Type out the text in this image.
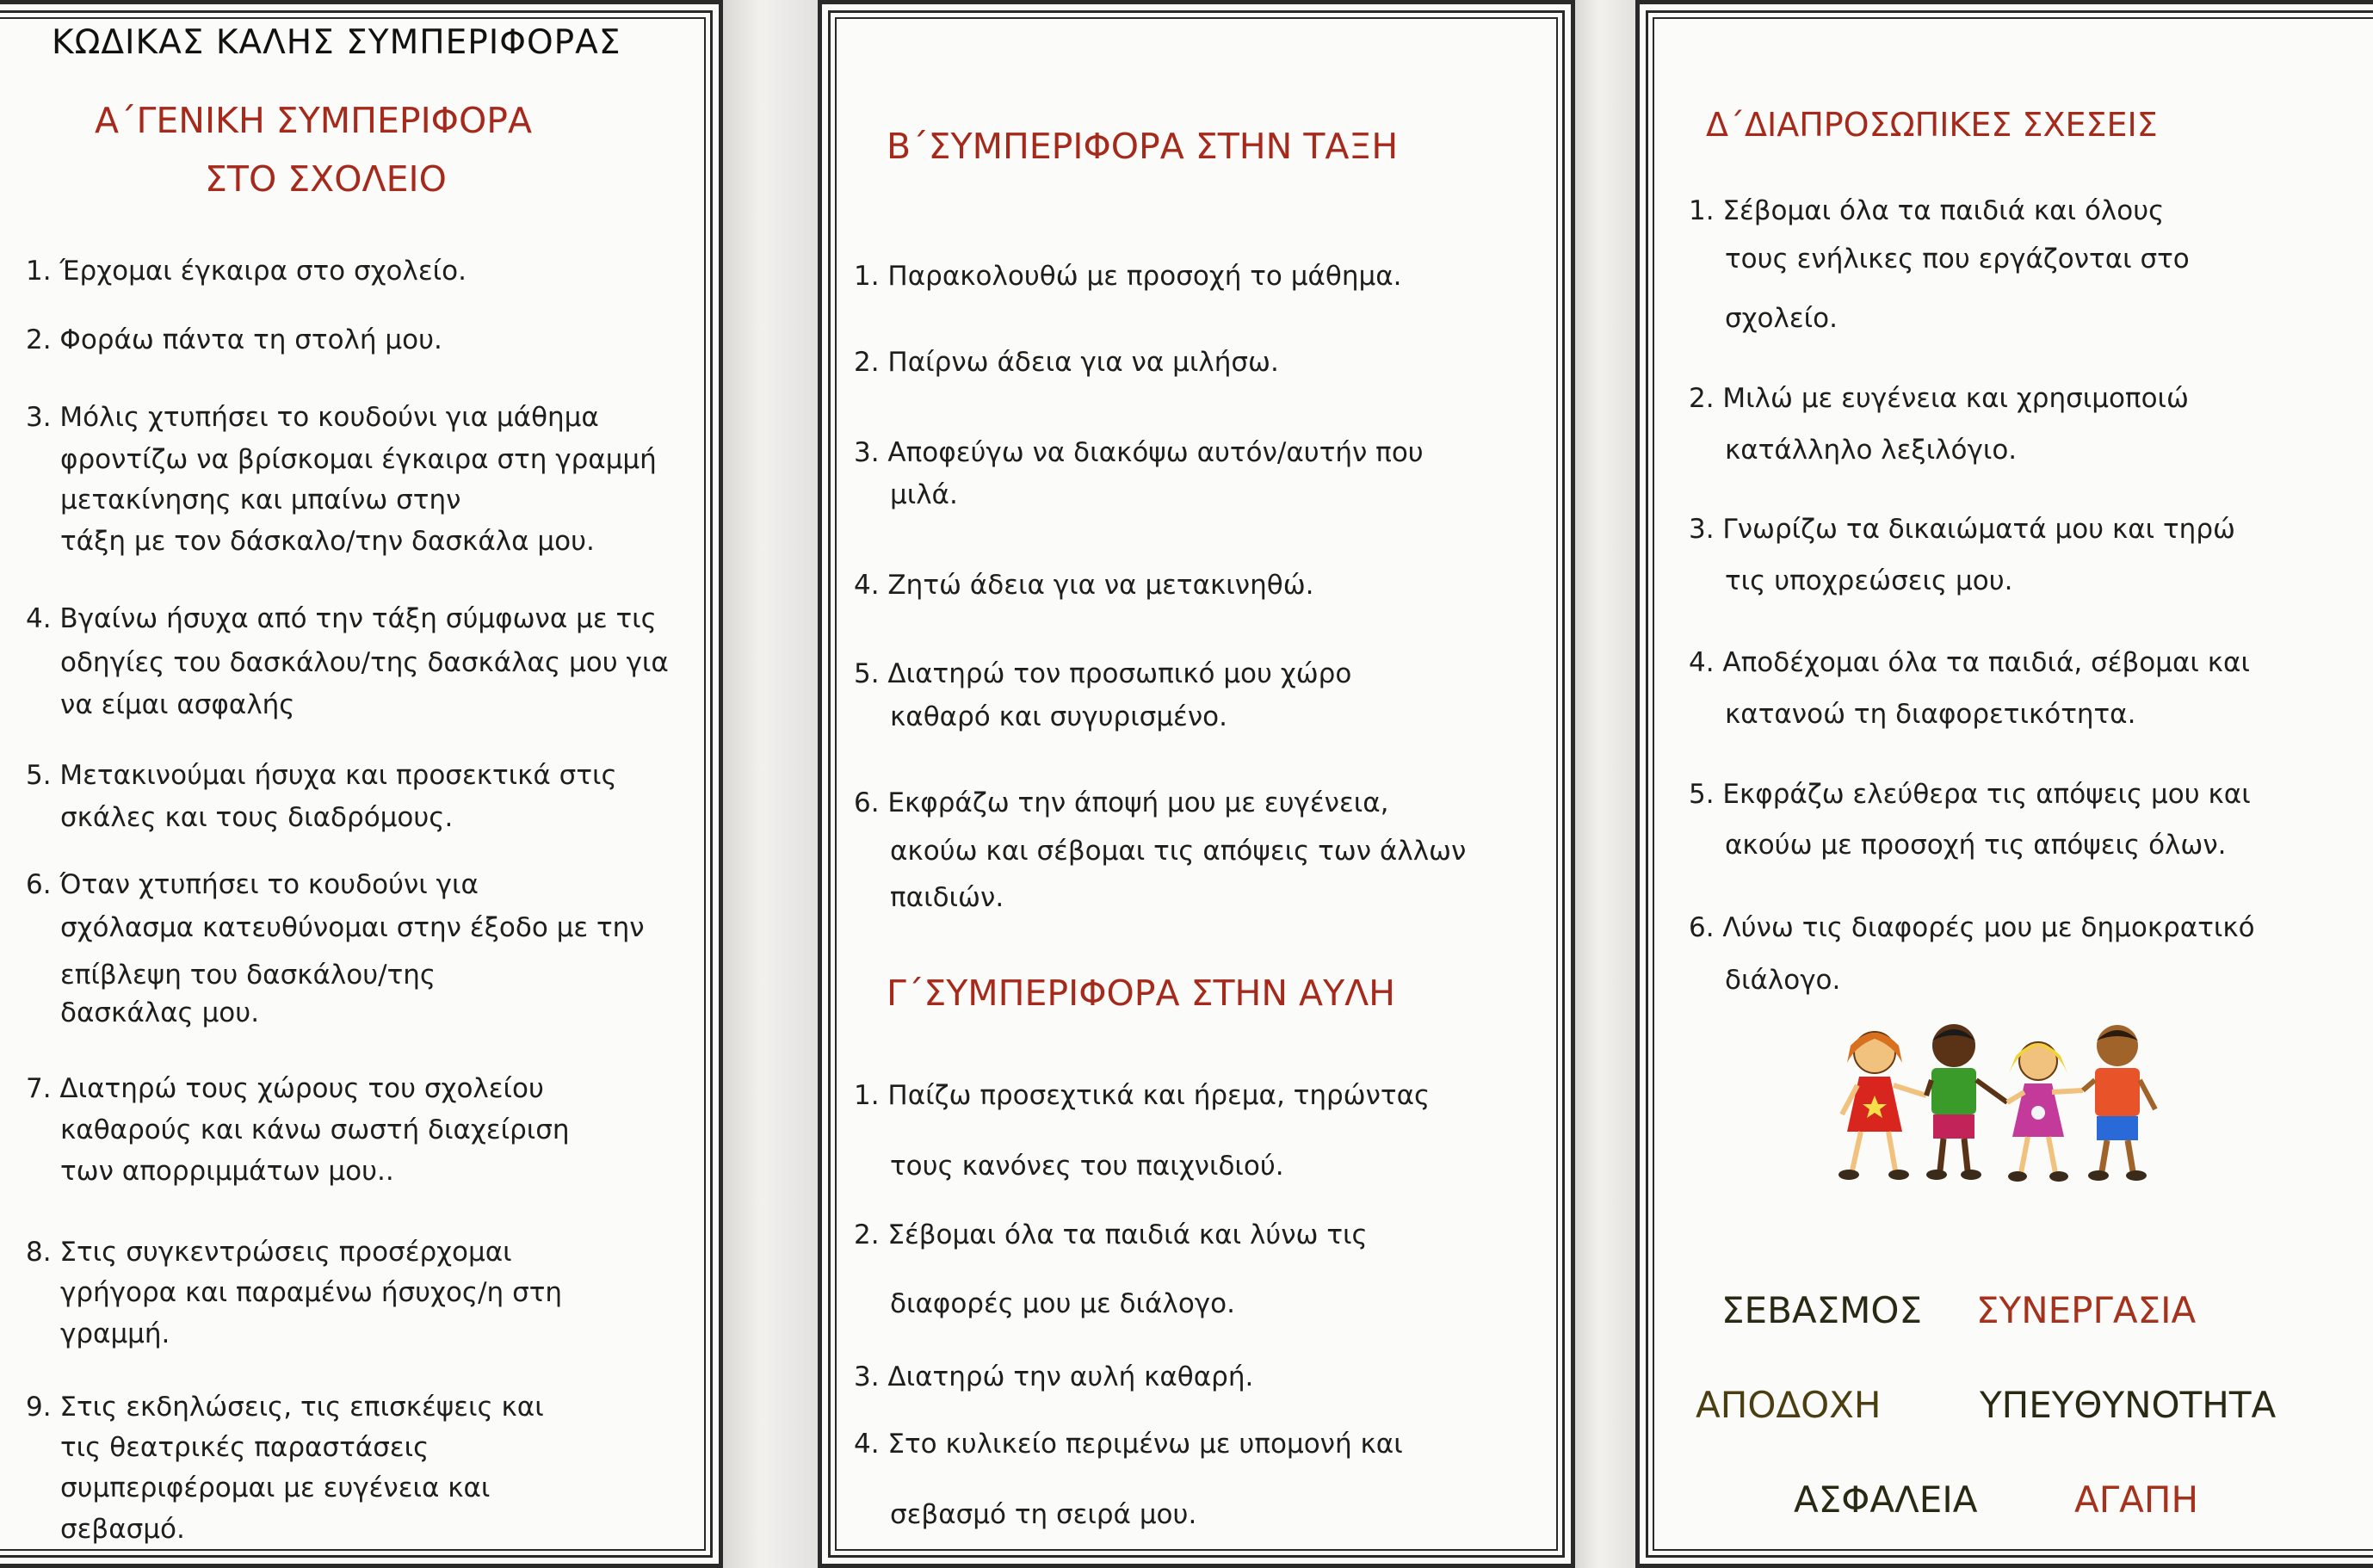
ΚΩΔΙΚΑΣ ΚΑΛΗΣ ΣΥΜΠΕΡΙΦΟΡΑΣ
Α΄ΓΕΝΙΚΗ ΣΥΜΠΕΡΙΦΟΡΑ
ΣΤΟ ΣΧΟΛΕΙΟ
1. Έρχομαι έγκαιρα στο σχολείο.
2. Φοράω πάντα τη στολή μου.
3. Μόλις χτυπήσει το κουδούνι για μάθημα
φροντίζω να βρίσκομαι έγκαιρα στη γραμμή
μετακίνησης και μπαίνω στην
τάξη με τον δάσκαλο/την δασκάλα μου.
4. Βγαίνω ήσυχα από την τάξη σύμφωνα με τις
οδηγίες του δασκάλου/της δασκάλας μου για
να είμαι ασφαλής
5. Μετακινούμαι ήσυχα και προσεκτικά στις
σκάλες και τους διαδρόμους.
6. Όταν χτυπήσει το κουδούνι για
σχόλασμα κατευθύνομαι στην έξοδο με την
επίβλεψη του δασκάλου/της
δασκάλας μου.
7. Διατηρώ τους χώρους του σχολείου
καθαρούς και κάνω σωστή διαχείριση
των απορριμμάτων μου..
8. Στις συγκεντρώσεις προσέρχομαι
γρήγορα και παραμένω ήσυχος/η στη
γραμμή.
9. Στις εκδηλώσεις, τις επισκέψεις και
τις θεατρικές παραστάσεις
συμπεριφέρομαι με ευγένεια και
σεβασμό.
Β΄ΣΥΜΠΕΡΙΦΟΡΑ ΣΤΗΝ ΤΑΞΗ
1. Παρακολουθώ με προσοχή το μάθημα.
2. Παίρνω άδεια για να μιλήσω.
3. Αποφεύγω να διακόψω αυτόν/αυτήν που
μιλά.
4. Ζητώ άδεια για να μετακινηθώ.
5. Διατηρώ τον προσωπικό μου χώρο
καθαρό και συγυρισμένο.
6. Εκφράζω την άποψή μου με ευγένεια,
ακούω και σέβομαι τις απόψεις των άλλων
παιδιών.
Γ΄ΣΥΜΠΕΡΙΦΟΡΑ ΣΤΗΝ ΑΥΛΗ
1. Παίζω προσεχτικά και ήρεμα, τηρώντας
τους κανόνες του παιχνιδιού.
2. Σέβομαι όλα τα παιδιά και λύνω τις
διαφορές μου με διάλογο.
3. Διατηρώ την αυλή καθαρή.
4. Στο κυλικείο περιμένω με υπομονή και
σεβασμό τη σειρά μου.
Δ΄ΔΙΑΠΡΟΣΩΠΙΚΕΣ ΣΧΕΣΕΙΣ
1. Σέβομαι όλα τα παιδιά και όλους
τους ενήλικες που εργάζονται στο
σχολείο.
2. Μιλώ με ευγένεια και χρησιμοποιώ
κατάλληλο λεξιλόγιο.
3. Γνωρίζω τα δικαιώματά μου και τηρώ
τις υποχρεώσεις μου.
4. Αποδέχομαι όλα τα παιδιά, σέβομαι και
κατανοώ τη διαφορετικότητα.
5. Εκφράζω ελεύθερα τις απόψεις μου και
ακούω με προσοχή τις απόψεις όλων.
6. Λύνω τις διαφορές μου με δημοκρατικό
διάλογο.
ΣΕΒΑΣΜΟΣ ΣΥΝΕΡΓΑΣΙΑ
ΑΠΟΔΟΧΗ	ΥΠΕΥΘΥΝΟΤΗΤΑ
ΑΣΦΑΛΕΙΑ	ΑΓΑΠΗ
